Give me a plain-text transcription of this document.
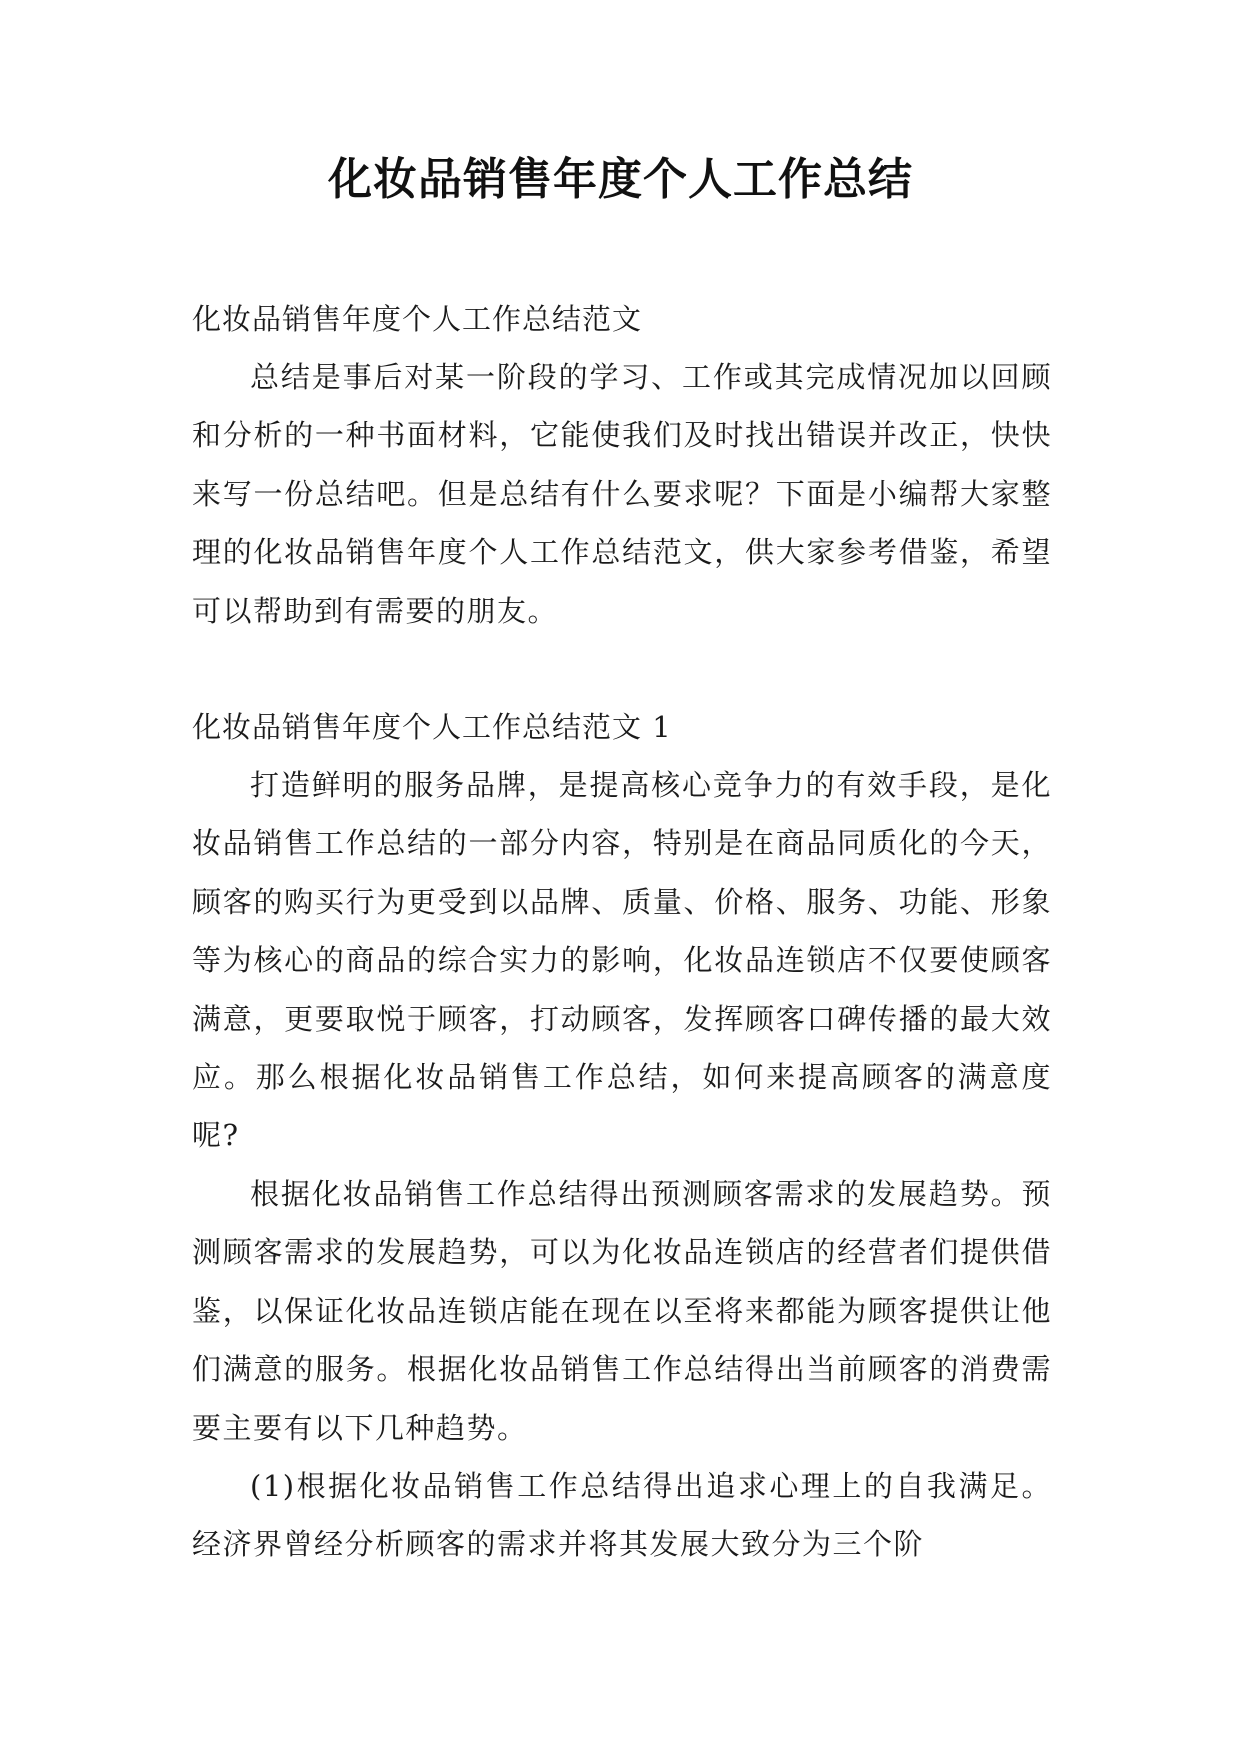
化妆品销售年度个人工作总结

化妆品销售年度个人工作总结范文

总结是事后对某一阶段的学习、工作或其完成情况加以回顾和分析的一种书面材料，它能使我们及时找出错误并改正，快快来写一份总结吧。但是总结有什么要求呢？下面是小编帮大家整理的化妆品销售年度个人工作总结范文，供大家参考借鉴，希望可以帮助到有需要的朋友。

化妆品销售年度个人工作总结范文 1

打造鲜明的服务品牌，是提高核心竞争力的有效手段，是化妆品销售工作总结的一部分内容，特别是在商品同质化的今天，顾客的购买行为更受到以品牌、质量、价格、服务、功能、形象等为核心的商品的综合实力的影响，化妆品连锁店不仅要使顾客满意，更要取悦于顾客，打动顾客，发挥顾客口碑传播的最大效应。那么根据化妆品销售工作总结，如何来提高顾客的满意度呢?

根据化妆品销售工作总结得出预测顾客需求的发展趋势。预测顾客需求的发展趋势，可以为化妆品连锁店的经营者们提供借鉴，以保证化妆品连锁店能在现在以至将来都能为顾客提供让他们满意的服务。根据化妆品销售工作总结得出当前顾客的消费需要主要有以下几种趋势。

(1)根据化妆品销售工作总结得出追求心理上的自我满足。经济界曾经分析顾客的需求并将其发展大致分为三个阶
